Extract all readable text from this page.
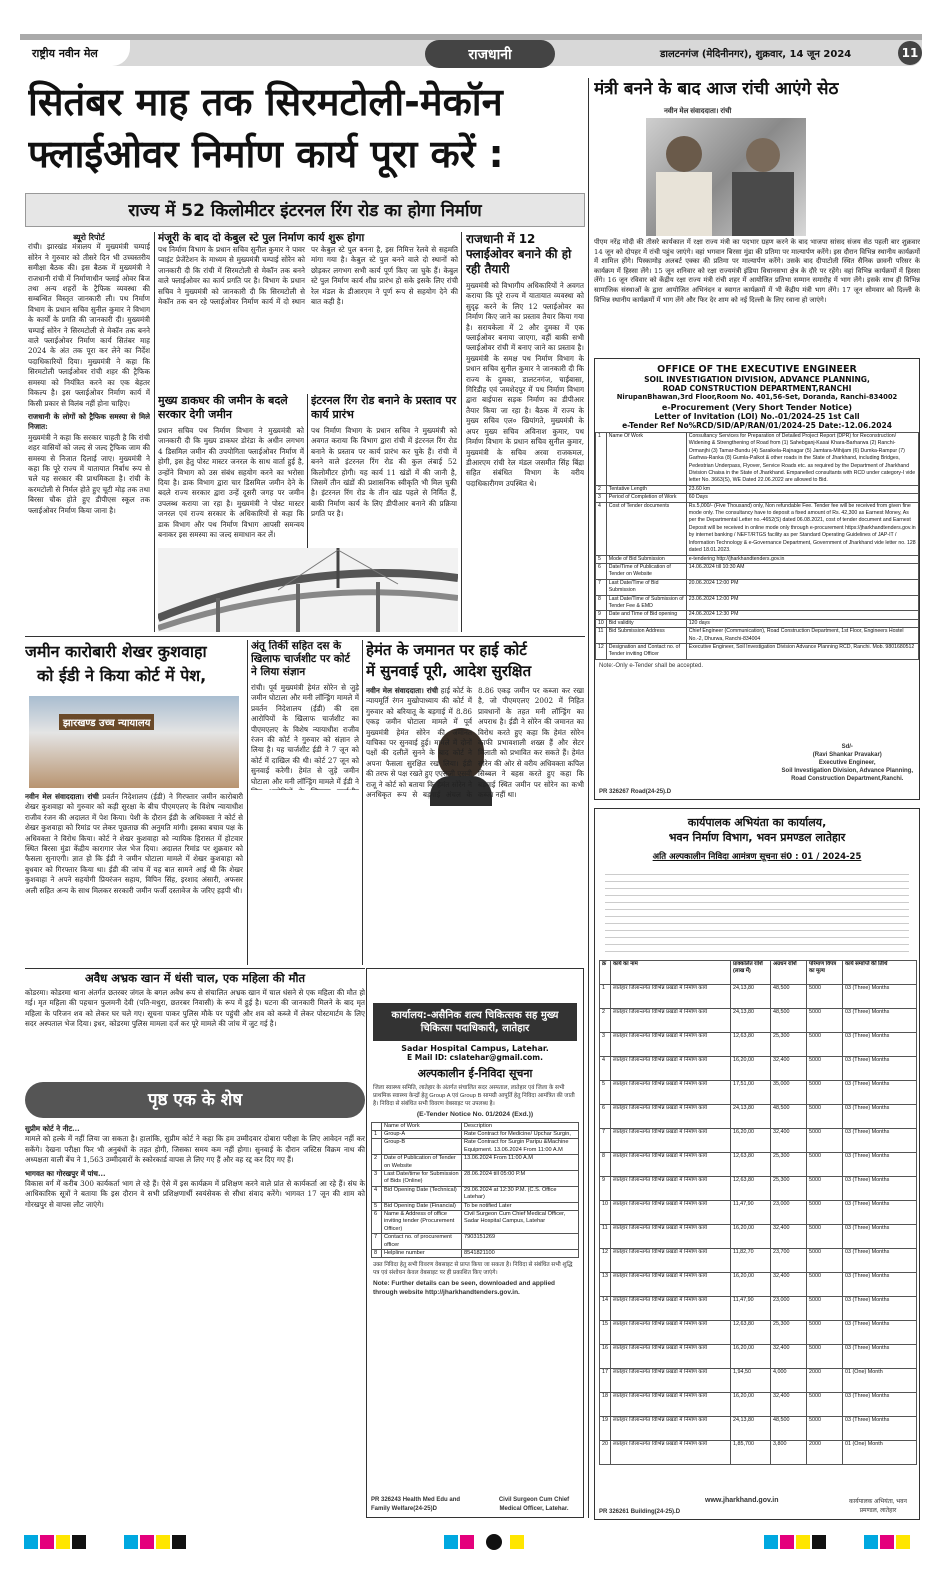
राष्ट्रीय नवीन मेल	राजधानी	डालटनगंज (मेदिनीनगर), शुक्रवार, 14 जून 2024	11
सितंबर माह तक सिरमटोली-मेकॉन
फ्लाईओवर निर्माण कार्य पूरा करें :
राज्य में 52 किलोमीटर इंटरनल रिंग रोड का होगा निर्माण
ब्यूरो रिपोर्ट
रांची। झारखंड मंत्रालय में मुख्यमंत्री चम्पाई सोरेन ने गुरुवार को तीसरे दिन भी उच्चस्तरीय समीक्षा बैठक की। इस बैठक में मुख्यमंत्री ने राजधानी रांची में निर्माणाधीन फ्लाई ओवर बिज तथा अन्य शहरों के ट्रैफिक व्यवस्था की सम्बन्धित विस्तृत जानकारी ली। पथ निर्माण विभाग के प्रधान सचिव सुनील कुमार ने विभाग के कार्यों के प्रगति की जानकारी दी। मुख्यमंत्री चम्पाई सोरेन ने सिरमटोली से मेकॉन तक बनने वाले फ्लाईओवर निर्माण कार्य सितंबर माह 2024 के अंत तक पूरा कर लेने का निर्देश पदाधिकारियों दिया। मुख्यमंत्री ने कहा कि सिरमटोली फ्लाईओवर रांची शहर की ट्रैफिक समस्या को नियंत्रित करने का एक बेहतर विकल्प है। इस फ्लाईओवर निर्माण कार्य में किसी प्रकार से विलंब नहीं होना चाहिए।
राजधानी के लोगों को ट्रैफिक समस्या से मिले निजात:
मुख्यमंत्री ने कहा कि सरकार चाहती है कि रांची शहर वासियों को जल्द से जल्द ट्रैफिक जाम की समस्या से निजात दिलाई जाए। मुख्यमंत्री ने कहा कि पूरे राज्य में यातायात निर्बाध रूप से चले यह सरकार की प्राथमिकता है। रांची के करमटोली से निर्मल होते हुए चूटी मोड़ तक तथा बिरसा चौक होते हुए डीपीएस स्कूल तक फ्लाईओवर निर्माण किया जाना है।
मंजूरी के बाद दो केबुल स्टे पुल निर्माण कार्य शुरू होगा
पथ निर्माण विभाग के प्रधान सचिव सुनील कुमार ने पावर प्वाइंट प्रेजेंटेशन के माध्यम से मुख्यमंत्री चम्पाई सोरेन को जानकारी दी कि रांची में सिरमटोली से मेकॉन तक बनने वाले फ्लाईओवर का कार्य प्रगति पर है। विभाग के प्रधान सचिव ने मुख्यमंत्री को जानकारी दी कि सिरमटोली से मेकॉन तक बन रहे फ्लाईओवर निर्माण कार्य में दो स्थान पर केबुल स्टे पुल बनना है, इस निमित्त रेलवे से सहमति मांगा गया है। केबुल स्टे पुल बनने वाले दो स्थानों को छोड़कर लगभग सभी कार्य पूर्ण किए जा चुके हैं। केबुल स्टे पुल निर्माण कार्य शीघ्र प्रारंभ हो सके इसके लिए रांची रेल मंडल के डीआरएम ने पूर्ण रूप से सहयोग देने की बात कही है।
मुख्य डाकघर की जमीन के बदले सरकार देगी जमीन
प्रधान सचिव पथ निर्माण विभाग ने मुख्यमंत्री को जानकारी दी कि मुख्य डाकघर डोरंडा के अधीन लगभग 4 डिसमिल जमीन की उपयोगिता फ्लाईओवर निर्माण में होगी, इस हेतु पोस्ट मास्टर जनरल के साथ वार्ता हुई है, उन्होंने विभाग को उस संबंध सहयोग करने का भरोसा दिया है। डाक विभाग द्वारा चार डिसमिल जमीन देने के बदले राज्य सरकार द्वारा उन्हें दूसरी जगह पर जमीन उपलब्ध कराया जा रहा है। मुख्यमंत्री ने पोस्ट मास्टर जनरल एवं राज्य सरकार के अधिकारियों से कहा कि डाक विभाग और पथ निर्माण विभाग आपसी समन्वय बनाकर इस समस्या का जल्द समाधान कर लें।
इंटरनल रिंग रोड बनाने के प्रस्ताव पर कार्य प्रारंभ
पथ निर्माण विभाग के प्रधान सचिव ने मुख्यमंत्री को अवगत कराया कि विभाग द्वारा रांची में इंटरनल रिंग रोड बनाने के प्रस्ताव पर कार्य प्रारंभ कर चुके हैं। रांची में बनने वाले इंटरनल रिंग रोड की कुल लंबाई 52 किलोमीटर होगी। यह कार्य 11 खंडों में की जानी है, जिसमें तीन खंडों की प्रशासनिक स्वीकृति भी मिल चुकी है। इंटरनल रिंग रोड के तीन खंड पहले से निर्मित हैं, बाकी निर्माण कार्य के लिए डीपीआर बनाने की प्रक्रिया प्रगति पर है।
राजधानी में 12 फ्लाईओवर बनाने की हो रही तैयारी
मुख्यमंत्री को विभागीय अधिकारियों ने अवगत कराया कि पूरे राज्य में यातायात व्यवस्था को सुदृढ़ करने के लिए 12 फ्लाईओवर का निर्माण किए जाने का प्रस्ताव तैयार किया गया है। सरायकेला में 2 और दुमका में एक फ्लाईओवर बनाया जाएगा, वहीं बाकी सभी फ्लाईओवर रांची में बनाए जाने का प्रस्ताव है। मुख्यमंत्री के समक्ष पथ निर्माण विभाग के प्रधान सचिव सुनील कुमार ने जानकारी दी कि राज्य के दुमका, डालटनगंज, चाईबासा, गिरिडीह एवं जमशेदपुर में पथ निर्माण विभाग द्वारा बाईपास सड़क निर्माण का डीपीआर तैयार किया जा रहा है। बैठक में राज्य के मुख्य सचिव एल० खियांगते, मुख्यमंत्री के अपर मुख्य सचिव अविनाश कुमार, पथ निर्माण विभाग के प्रधान सचिव सुनील कुमार, मुख्यमंत्री के सचिव अरवा राजकमल, डीआरएम रांची रेल मंडल जसमीत सिंह बिंद्रा सहित संबंधित विभाग के वरीय पदाधिकारीगण उपस्थित थे।
मंत्री बनने के बाद आज रांची आएंगे सेठ
नवीन मेल संवाददाता। रांची
पीएम नरेंद्र मोदी की तीसरे कार्यकाल में रक्षा राज्य मंत्री का पदभार ग्रहण करने के बाद भाजपा सांसद संजय सेठ पहली बार शुक्रवार 14 जून को दोपहर में रांची पहुंच जाएंगे। वहां भगवान बिरसा मुंडा की प्रतिमा पर माल्यार्पण करेंगे। इस दौरान विभिन्न स्थानीय कार्यक्रमों में शामिल होंगे। पिस्कामोड़ अलबर्ट एक्का की प्रतिमा पर माल्यार्पण करेंगे। उसके बाद दीपाटोली स्थित सैनिक छावनी परिसर के कार्यक्रम में हिस्सा लेंगे। 15 जून शनिवार को रक्षा राज्यमंत्री इंडिया विधानसभा क्षेत्र के दौरे पर रहेंगे। वहां विभिन्न कार्यक्रमों में हिस्सा लेंगे। 16 जून रविवार को केंद्रीय रक्षा राज्य मंत्री रांची शहर में आयोजित प्रतिभा सम्मान समारोह में भाग लेंगे। इसके साथ ही विभिन्न सामाजिक संस्थाओं के द्वारा आयोजित अभिनंदन व स्वागत कार्यक्रमों में भी केंद्रीय मंत्री भाग लेंगे। 17 जून सोमवार को दिल्ली के विभिन्न स्थानीय कार्यक्रमों में भाग लेंगे और फिर देर शाम को नई दिल्ली के लिए रवाना हो जाएंगे।
OFFICE OF THE EXECUTIVE ENGINEER
SOIL INVESTIGATION DIVISION, ADVANCE PLANNING,
ROAD CONSTRUCTION DEPARTMENT,RANCHI
NirupanBhawan,3rd Floor,Room No. 401,56-Set, Doranda, Ranchi-834002
e-Procurement (Very Short Tender Notice)
Letter of Invitation (LOI) No.-01/2024-25 1st Call
e-Tender Ref No%RCD/SID/AP/RAN/01/2024-25 Date:-12.06.2024
1	Name Of Work	Consultancy Services for Preparation of Detailed Project Report (DPR) for Reconstruction/ Widening & Strengthening of Road from (1) Sahebganj-Kasai Khara-Barharwa (2) Ranchi-Ormanjhi (3) Tamar-Bundu (4) Saraikela-Rajnagar (5) Jamtara-Mihijam (6) Dumka-Rampur (7) Garhwa-Ranka (8) Gumla-Palkot & other roads in the State of Jharkhand, including Bridges, Pedestrian Underpass, Flyover, Service Roads etc. as required by the Department of Jharkhand Division Chaisa in the State of Jharkhand. Empanelled consultants with RCD under category-I vide letter No. 3663(S), WE Dated 22.06.2022 are allowed to Bid.
2	Tentative Length	23.60 km
3	Period of Completion of Work	60 Days
4	Cost of Tender documents	Rs.5,000/- (Five Thousand) only, Non refundable Fee. Tender fee will be received from given fine mode only. The consultancy have to deposit a fixed amount of Rs. 42,300 as Earnest Money, As per the Departmental Letter no.-4652(S) dated 06.08.2021, cost of tender document and Earnest Deposit will be received in online mode only through e-procurement https://jharkhandtenders.gov.in by internet banking / NEFT/RTGS facility as per Standard Operating Guidelines of JAP-IT / Information Technology & e-Governance Department, Government of Jharkhand vide letter no. 128 dated 18.01.2023.
5	Mode of Bid Submission	e-tendering http://jharkhandtenders.gov.in
6	Date/Time of Publication of Tender on Website	14.06.2024 till 10:30 AM
7	Last Date/Time of Bid Submission	20.06.2024 12:00 PM
8	Last Date/Time of Submission of Tender Fee & EMD	23.06.2024 12:00 PM
9	Date and Time of Bid opening	24.06.2024 12:30 PM
10	Bid validity	120 days
11	Bid Submission Address	Chief Engineer (Communication), Road Construction Department, 1st Floor, Engineers Hostel No.-2, Dhurwa, Ranchi-834004
12	Designation and Contact no. of Tender inviting Officer	Executive Engineer, Soil Investigation Division Advance Planning RCD, Ranchi. Mob. 9801680512
Note:-Only e-Tender shall be accepted.
Sd/-
(Ravi Shankar Pravakar)
Executive Engineer,
Soil Investigation Division, Advance Planning,
Road Construction Department,Ranchi.
PR 326267 Road(24-25).D
कार्यपालक अभियंता का कार्यालय,
भवन निर्माण विभाग, भवन प्रमण्डल लातेहार
अति अल्पकालीन निविदा आमंत्रण सूचना सं0 : 01 / 2024-25
क्र	कार्य का नाम	प्राक्कलित राशि (लाख में)	अग्रधन राशि	परिमाण विपत्र का मूल्य	कार्य समाप्ति की तिथि
1	लातेहार जिलान्तर्गत विभिन्न प्रखंडों में निर्माण कार्य	24,13,80	48,500	5000	03 (Three) Months
2	लातेहार जिलान्तर्गत विभिन्न प्रखंडों में निर्माण कार्य	24,13,80	48,500	5000	03 (Three) Months
3	लातेहार जिलान्तर्गत विभिन्न प्रखंडों में निर्माण कार्य	12,63,80	25,300	5000	03 (Three) Months
4	लातेहार जिलान्तर्गत विभिन्न प्रखंडों में निर्माण कार्य	16,20,00	32,400	5000	03 (Three) Months
5	लातेहार जिलान्तर्गत विभिन्न प्रखंडों में निर्माण कार्य	17,51,00	35,000	5000	03 (Three) Months
6	लातेहार जिलान्तर्गत विभिन्न प्रखंडों में निर्माण कार्य	24,13,80	48,500	5000	03 (Three) Months
7	लातेहार जिलान्तर्गत विभिन्न प्रखंडों में निर्माण कार्य	16,20,00	32,400	5000	03 (Three) Months
8	लातेहार जिलान्तर्गत विभिन्न प्रखंडों में निर्माण कार्य	12,63,80	25,300	5000	03 (Three) Months
9	लातेहार जिलान्तर्गत विभिन्न प्रखंडों में निर्माण कार्य	12,63,80	25,300	5000	03 (Three) Months
10	लातेहार जिलान्तर्गत विभिन्न प्रखंडों में निर्माण कार्य	11,47,90	23,000	5000	03 (Three) Months
11	लातेहार जिलान्तर्गत विभिन्न प्रखंडों में निर्माण कार्य	16,20,00	32,400	5000	03 (Three) Months
12	लातेहार जिलान्तर्गत विभिन्न प्रखंडों में निर्माण कार्य	11,82,70	23,700	5000	03 (Three) Months
13	लातेहार जिलान्तर्गत विभिन्न प्रखंडों में निर्माण कार्य	16,20,00	32,400	5000	03 (Three) Months
14	लातेहार जिलान्तर्गत विभिन्न प्रखंडों में निर्माण कार्य	11,47,90	23,000	5000	03 (Three) Months
15	लातेहार जिलान्तर्गत विभिन्न प्रखंडों में निर्माण कार्य	12,63,80	25,300	5000	03 (Three) Months
16	लातेहार जिलान्तर्गत विभिन्न प्रखंडों में निर्माण कार्य	16,20,00	32,400	5000	03 (Three) Months
17	लातेहार जिलान्तर्गत विभिन्न प्रखंडों में निर्माण कार्य	1,94,50	4,000	2000	01 (One) Month
18	लातेहार जिलान्तर्गत विभिन्न प्रखंडों में निर्माण कार्य	16,20,00	32,400	5000	03 (Three) Months
19	लातेहार जिलान्तर्गत विभिन्न प्रखंडों में निर्माण कार्य	24,13,80	48,500	5000	03 (Three) Months
20	लातेहार जिलान्तर्गत विभिन्न प्रखंडों में निर्माण कार्य	1,85,700	3,800	2000	01 (One) Month
www.jharkhand.gov.in	कार्यपालक अभियंता, भवन प्रमण्डल, लातेहार
PR 326261 Building(24-25).D
जमीन कारोबारी शेखर कुशवाहा
को ईडी ने किया कोर्ट में पेश,
झारखण्ड उच्च न्यायालय
नवीन मेल संवाददाता। रांची प्रवर्तन निदेशालय (ईडी) ने गिरफ्तार जमीन कारोबारी शेखर कुशवाहा को गुरुवार को कड़ी सुरक्षा के बीच पीएमएलए के विशेष न्यायाधीश राजीव रंजन की अदालत में पेश किया। पेशी के दौरान ईडी के अधिवक्ता ने कोर्ट से शेखर कुशवाहा को रिमांड पर लेकर पूछताछ की अनुमति मांगी। इसका बचाव पक्ष के अधिवक्ता ने विरोध किया। कोर्ट ने शेखर कुशवाहा को न्यायिक हिरासत में होटवार स्थित बिरसा मुंडा केंद्रीय कारागार जेल भेज दिया। अदालत रिमांड पर शुक्रवार को फैसला सुनाएगी। ज्ञात हो कि ईडी ने जमीन घोटाला मामले में शेखर कुशवाहा को बुधवार को गिरफ्तार किया था। ईडी की जांच में यह बात सामने आई थी कि शेखर कुशवाहा ने अपने सहयोगी प्रियरंजन सहाय, विपिन सिंह, इरशाद अंसारी, अफसर अली सहित अन्य के साथ मिलकर सरकारी जमीन फर्जी दस्तावेज के जरिए हड़पी थी।
अंतू तिर्की सहित दस के खिलाफ चार्जशीट पर कोर्ट ने लिया संज्ञान
रांची। पूर्व मुख्यमंत्री हेमंत सोरेन से जुड़े जमीन घोटाला और मनी लॉन्ड्रिंग मामले में प्रवर्तन निदेशालय (ईडी) की दस आरोपियों के खिलाफ चार्जशीट का पीएमएलए के विशेष न्यायाधीश राजीव रंजन की कोर्ट ने गुरुवार को संज्ञान ले लिया है। यह चार्जशीट ईडी ने 7 जून को कोर्ट में दाखिल की थी। कोर्ट 27 जून को सुनवाई करेगी। हेमंत से जुड़े जमीन घोटाला और मनी लॉन्ड्रिंग मामले में ईडी ने
हेमंत के जमानत पर हाई कोर्ट
में सुनवाई पूरी, आदेश सुरक्षित
नवीन मेल संवाददाता। रांची हाई कोर्ट के न्यायमूर्ति रंगन मुखोपाध्याय की कोर्ट में गुरुवार को बरियातू के बड़गाई में 8.86 एकड़ जमीन घोटाला मामले में पूर्व मुख्यमंत्री हेमंत सोरेन की जमानत याचिका पर सुनवाई हुई। मामले में दोनों पक्षों की दलीलें सुनने के बाद कोर्ट ने अपना फैसला सुरक्षित रख लिया। ईडी की तरफ से पक्ष रखते हुए एएसजी एसवी राजू ने कोर्ट को बताया कि हेमंत सोरेन ने अनधिकृत रूप से बड़गाई अंचल के 8.86 एकड़ जमीन पर कब्जा कर रखा है, जो पीएमएलए 2002 में निहित प्रावधानों के तहत मनी लॉन्ड्रिंग का अपराध है। ईडी ने सोरेन की जमानत का विरोध करते हुए कहा कि हेमंत सोरेन काफी प्रभावशाली शख्स हैं और सेटर मिलाती को प्रभावित कर सकते हैं। हेमंत सोरेन की ओर से वरीय अधिवक्ता कपिल सिब्बल ने बहस करते हुए कहा कि बड़गाई स्थित जमीन पर सोरेन का कभी कब्जा नहीं था।
अवैध अभ्रक खान में धंसी चाल, एक महिला की मौत
कोडरमा। कोडरमा थाना अंतर्गत छतरबर जंगल के बगल अवैध रूप से संचालित अभ्रक खान में चाल धंसने से एक महिला की मौत हो गई। मृत महिला की पहचान फुलमनी देवी (पति-मथुरा, छतरबर निवासी) के रूप में हुई है। घटना की जानकारी मिलने के बाद मृत महिला के परिजन शव को लेकर घर चले गए। सूचना पाकर पुलिस मौके पर पहुंची और शव को कब्जे में लेकर पोस्टमार्टम के लिए सदर अस्पताल भेज दिया। इधर, कोडरमा पुलिस मामला दर्ज कर पूरे मामले की जांच में जुट गई है।
पृष्ठ एक के शेष
सुप्रीम कोर्ट ने नीट...
मामले को हल्के में नहीं लिया जा सकता है। हालांकि, सुप्रीम कोर्ट ने कहा कि हम उम्मीदवार दोबारा परीक्षा के लिए आवेदन नहीं कर सकेंगे। देखना परीक्षा फिर भी अनुबंधों के तहत होगी, जिसका समय कम नहीं होगा। सुनवाई के दौरान जस्टिस विक्रम नाथ की अध्यक्षता वाली बेंच ने 1,563 उम्मीदवारों के स्कोरकार्ड वापस ले लिए गए हैं और वह रद्द कर दिए गए हैं।
भागवत का गोरखपुर में पांच...
विकास वर्ग में करीब 300 कार्यकर्ता भाग ले रहे हैं। ऐसे में इस कार्यक्रम में प्रशिक्षण करने वाले प्रांत से कार्यकर्ता आ रहे हैं। संघ के आधिकारिक सूत्रों ने बताया कि इस दौरान वे सभी प्रशिक्षणार्थी स्वयंसेवक से सीधा संवाद करेंगे। भागवत 17 जून की शाम को गोरखपुर से वापस लौट जाएंगे।
कार्यालय:-असैनिक शल्य चिकित्सक सह मुख्य चिकित्सा पदाधिकारी, लातेहार
Sadar Hospital Campus, Latehar.
E Mail ID: cslatehar@gmail.com.
अल्पकालीन ई-निविदा सूचना
जिला स्वास्थ्य समिति, लातेहार के अंतर्गत संचालित सदर अस्पताल, लातेहार एवं जिला के सभी प्राथमिक स्वास्थ्य केन्द्रों हेतु Group A एवं Group B सामग्री आपूर्ति हेतु निविदा आमंत्रित की जाती है। निविदा से संबंधित सभी विवरण वेबसाइट पर उपलब्ध है।
(E-Tender Notice No. 01/2024 (Exd.))
	Name of Work	Description
1	Group-A	Rate Contract for Medicine/ Upchar Surgin,
	Group-B	Rate Contract for Surgin Paripu &Machine Equipment. 13.06.2024 From 11:00 A.M
2	Date of Publication of Tender on Website	13.06.2024 From 11:00 A.M
3	Last Date/time for Submission of Bids (Online)	28.06.2024 till 05:00 P.M
4	Bid Opening Date (Technical)	29.06.2024 at 12:30 P.M. (C.S. Office Latehar)
5	Bid Opening Date (Financial)	To be notified Later
6	Name & Address of office inviting tender (Procurement Officer)	Civil Surgeon Cum Chief Medical Officer, Sadar Hospital Campus, Latehar
7	Contact no. of procurement officer	7903151269
8	Helpline number	8541821100
उक्त निविदा हेतु सभी विवरण वेबसाइट से प्राप्त किया जा सकता है। निविदा से संबंधित सभी शुद्धि पत्र एवं संशोधन केवल वेबसाइट पर ही प्रकाशित किए जाएंगे।
Note: Further details can be seen, downloaded and applied through website http://jharkhandtenders.gov.in.
PR 326243 Health Med Edu and Family Welfare(24-25)D
Civil Surgeon Cum Chief Medical Officer, Latehar.
